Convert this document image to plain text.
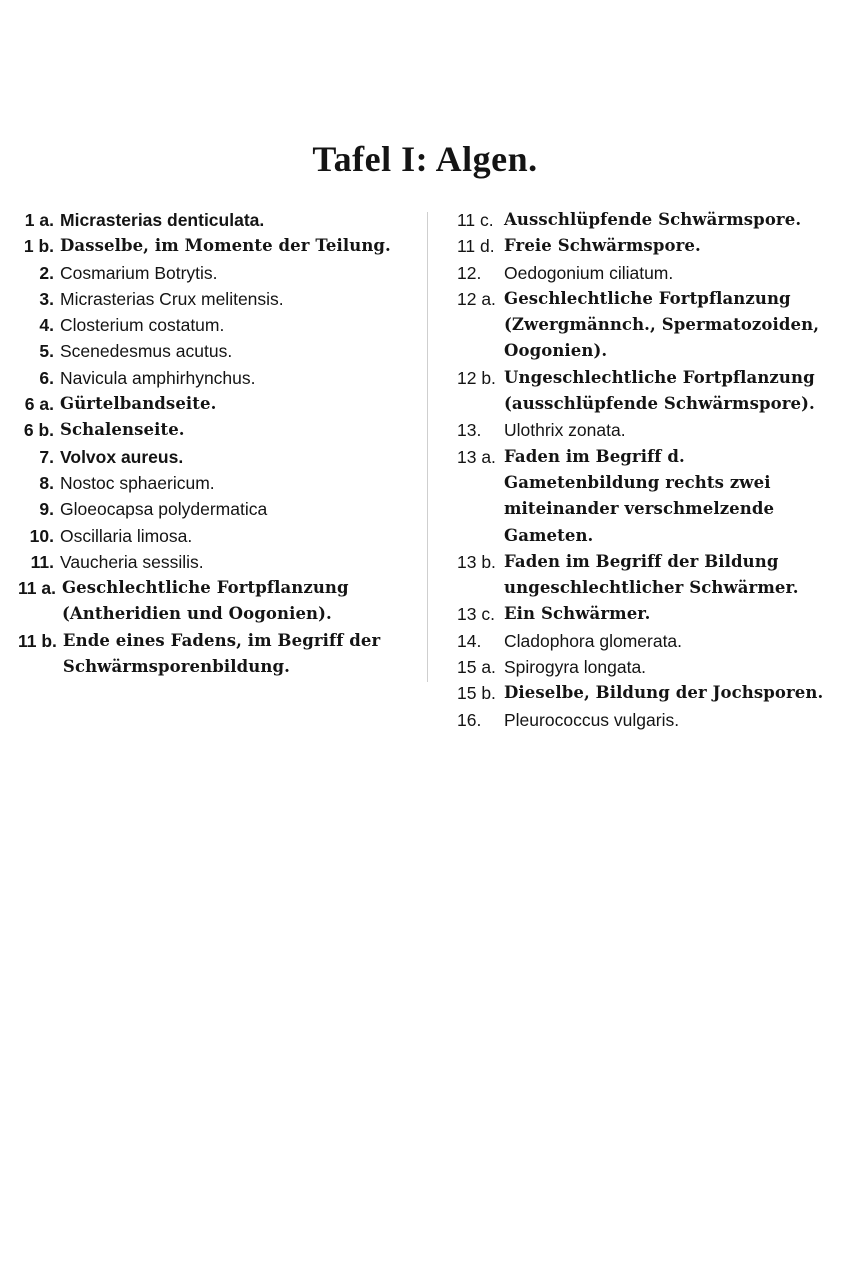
Tafel I: Algen.
1 a. Micrasterias denticulata.
1 b. Dasselbe, im Momente der Teilung.
2. Cosmarium Botrytis.
3. Micrasterias Crux melitensis.
4. Closterium costatum.
5. Scenedesmus acutus.
6. Navicula amphirhynchus.
6 a. Gürtelbandseite.
6 b. Schalenseite.
7. Volvox aureus.
8. Nostoc sphaericum.
9. Gloeocapsa polydermatica
10. Oscillaria limosa.
11. Vaucheria sessilis.
11 a. Geschlechtliche Fortpflanzung (Antheridien und Oogonien).
11 b. Ende eines Fadens, im Begriff der Schwärmsporenbildung.
11 c. Ausschlüpfende Schwärmspore.
11 d. Freie Schwärmspore.
12.	Oedogonium ciliatum.
12 a. Geschlechtliche Fortpflanzung (Zwergmännch., Spermatozoiden, Oogonien).
12 b. Ungeschlechtliche Fortpflanzung (ausschlüpfende Schwärmspore).
13.	Ulothrix zonata.
13 a. Faden im Begriff d. Gametenbildung rechts zwei miteinander verschmelzende Gameten.
13 b. Faden im Begriff der Bildung ungeschlechtlicher Schwärmer.
13 c. Ein Schwärmer.
14.	Cladophora glomerata.
15 a. Spirogyra longata.
15 b. Dieselbe, Bildung der Jochsporen.
16.	Pleurococcus vulgaris.
